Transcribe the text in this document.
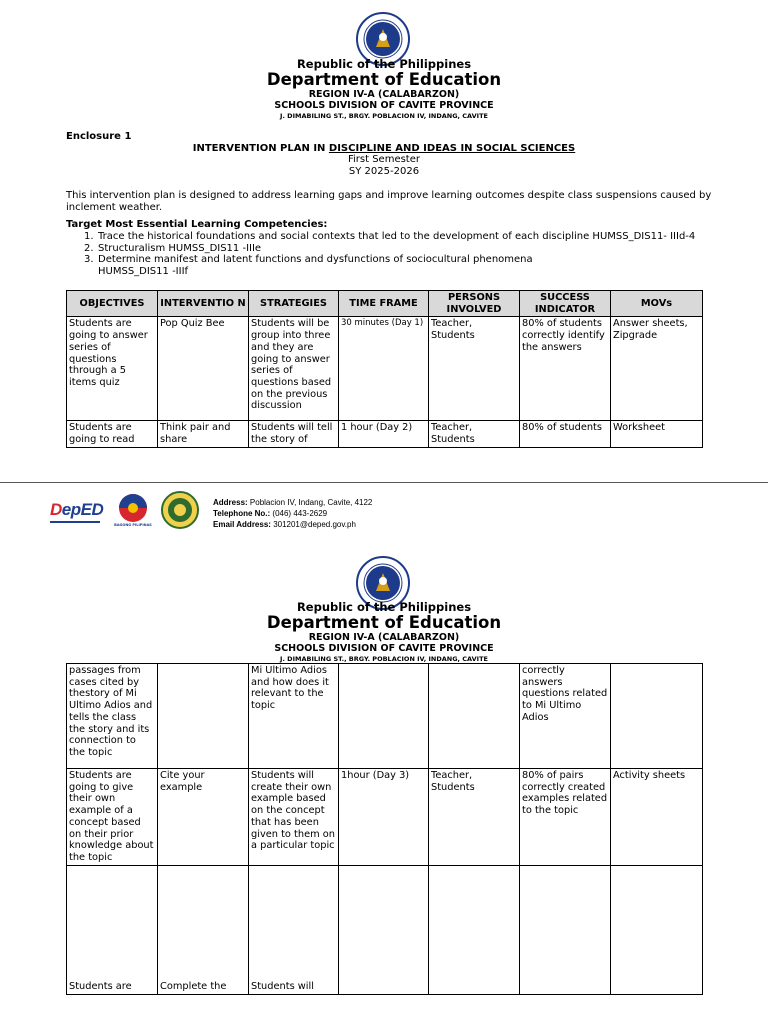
Republic of the Philippines
Department of Education
REGION IV-A (CALABARZON)
SCHOOLS DIVISION OF CAVITE PROVINCE
J. DIMABILING ST., BRGY. POBLACION IV, INDANG, CAVITE
Enclosure 1
INTERVENTION PLAN IN DISCIPLINE AND IDEAS IN SOCIAL SCIENCES
First Semester
SY 2025-2026
This intervention plan is designed to address learning gaps and improve learning outcomes despite class suspensions caused by inclement weather.
Target Most Essential Learning Competencies:
1. Trace the historical foundations and social contexts that led to the development of each discipline HUMSS_DIS11- IIId-4
2. Structuralism HUMSS_DIS11 -IIIe
3. Determine manifest and latent functions and dysfunctions of sociocultural phenomena
HUMSS_DIS11 -IIIf
OBJECTIVES	INTERVENTIO N	STRATEGIES	TIME FRAME	PERSONS INVOLVED	SUCCESS INDICATOR	MOVs
Students are going to answer series of questions through a 5 items quiz	Pop Quiz Bee	Students will be group into three and they are going to answer series of questions based on the previous discussion	30 minutes (Day 1)	Teacher, Students	80% of students correctly identify the answers	Answer sheets, Zipgrade
Students are going to read	Think pair and share	Students will tell the story of	1 hour (Day 2)	Teacher, Students	80% of students	Worksheet
DepED
BAGONG PILIPINAS
Address: Poblacion IV, Indang, Cavite, 4122
Telephone No.: (046) 443-2629
Email Address: 301201@deped.gov.ph
Republic of the Philippines
Department of Education
REGION IV-A (CALABARZON)
SCHOOLS DIVISION OF CAVITE PROVINCE
J. DIMABILING ST., BRGY. POBLACION IV, INDANG, CAVITE
passages from cases cited by thestory of Mi Ultimo Adios and tells the class the story and its connection to the topic		Mi Ultimo Adios and how does it relevant to the topic			correctly answers questions related to Mi Ultimo Adios	
Students are going to give their own example of a concept based on their prior knowledge about the topic	Cite your example	Students will create their own example based on the concept that has been given to them on a particular topic	1hour (Day 3)	Teacher, Students	80% of pairs correctly created examples related to the topic	Activity sheets
Students are	Complete the	Students will				
